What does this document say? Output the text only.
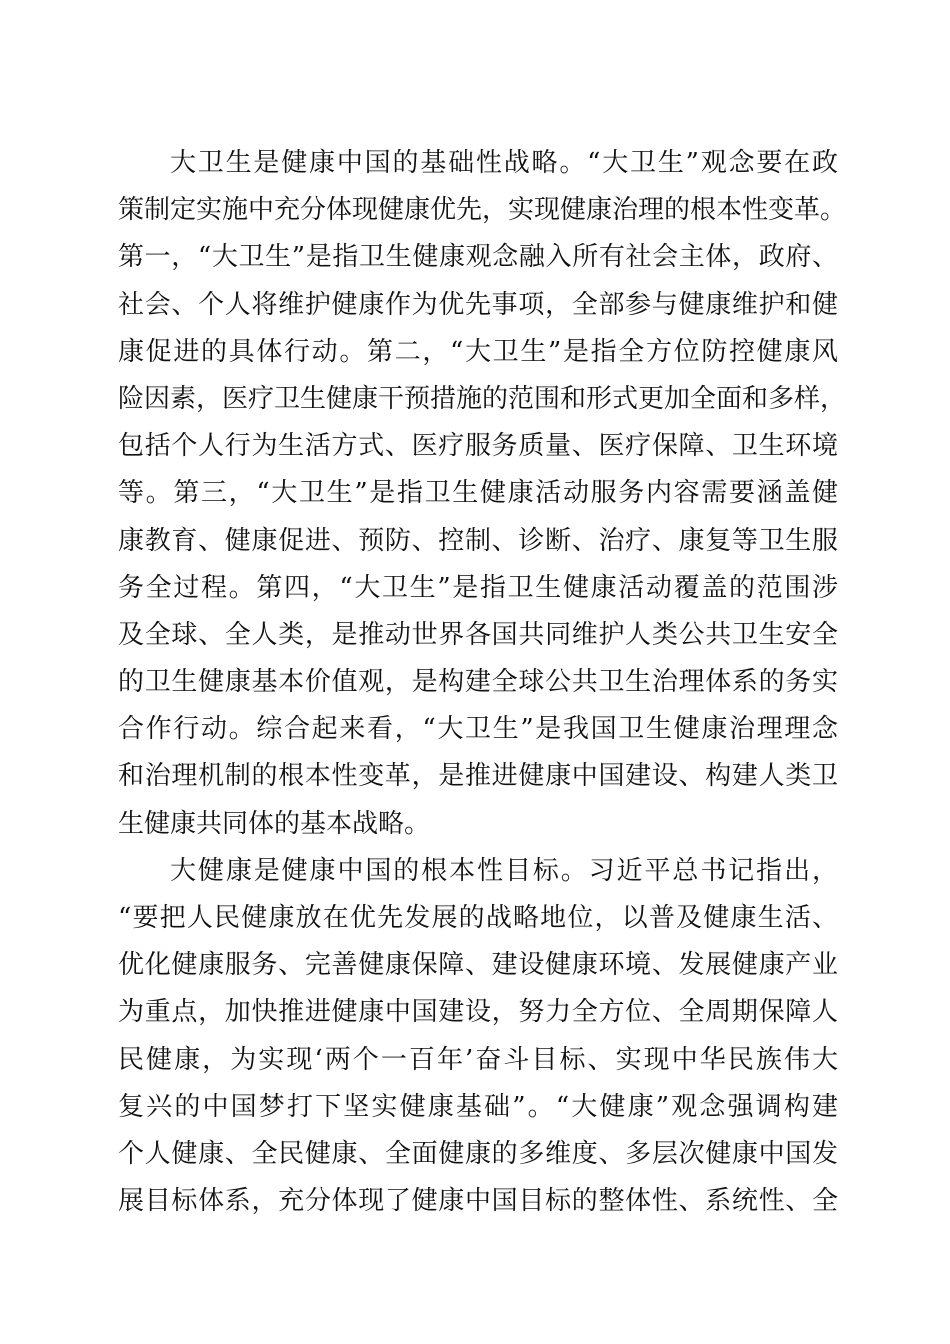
大卫生是健康中国的基础性战略。“大卫生”观念要在政
策制定实施中充分体现健康优先，实现健康治理的根本性变革。
第一，“大卫生”是指卫生健康观念融入所有社会主体，政府、
社会、个人将维护健康作为优先事项，全部参与健康维护和健
康促进的具体行动。第二，“大卫生”是指全方位防控健康风
险因素，医疗卫生健康干预措施的范围和形式更加全面和多样，
包括个人行为生活方式、医疗服务质量、医疗保障、卫生环境
等。第三，“大卫生”是指卫生健康活动服务内容需要涵盖健
康教育、健康促进、预防、控制、诊断、治疗、康复等卫生服
务全过程。第四，“大卫生”是指卫生健康活动覆盖的范围涉
及全球、全人类，是推动世界各国共同维护人类公共卫生安全
的卫生健康基本价值观，是构建全球公共卫生治理体系的务实
合作行动。综合起来看，“大卫生”是我国卫生健康治理理念
和治理机制的根本性变革，是推进健康中国建设、构建人类卫
生健康共同体的基本战略。
大健康是健康中国的根本性目标。习近平总书记指出，
“要把人民健康放在优先发展的战略地位，以普及健康生活、
优化健康服务、完善健康保障、建设健康环境、发展健康产业
为重点，加快推进健康中国建设，努力全方位、全周期保障人
民健康，为实现‘两个一百年’奋斗目标、实现中华民族伟大
复兴的中国梦打下坚实健康基础”。“大健康”观念强调构建
个人健康、全民健康、全面健康的多维度、多层次健康中国发
展目标体系，充分体现了健康中国目标的整体性、系统性、全
